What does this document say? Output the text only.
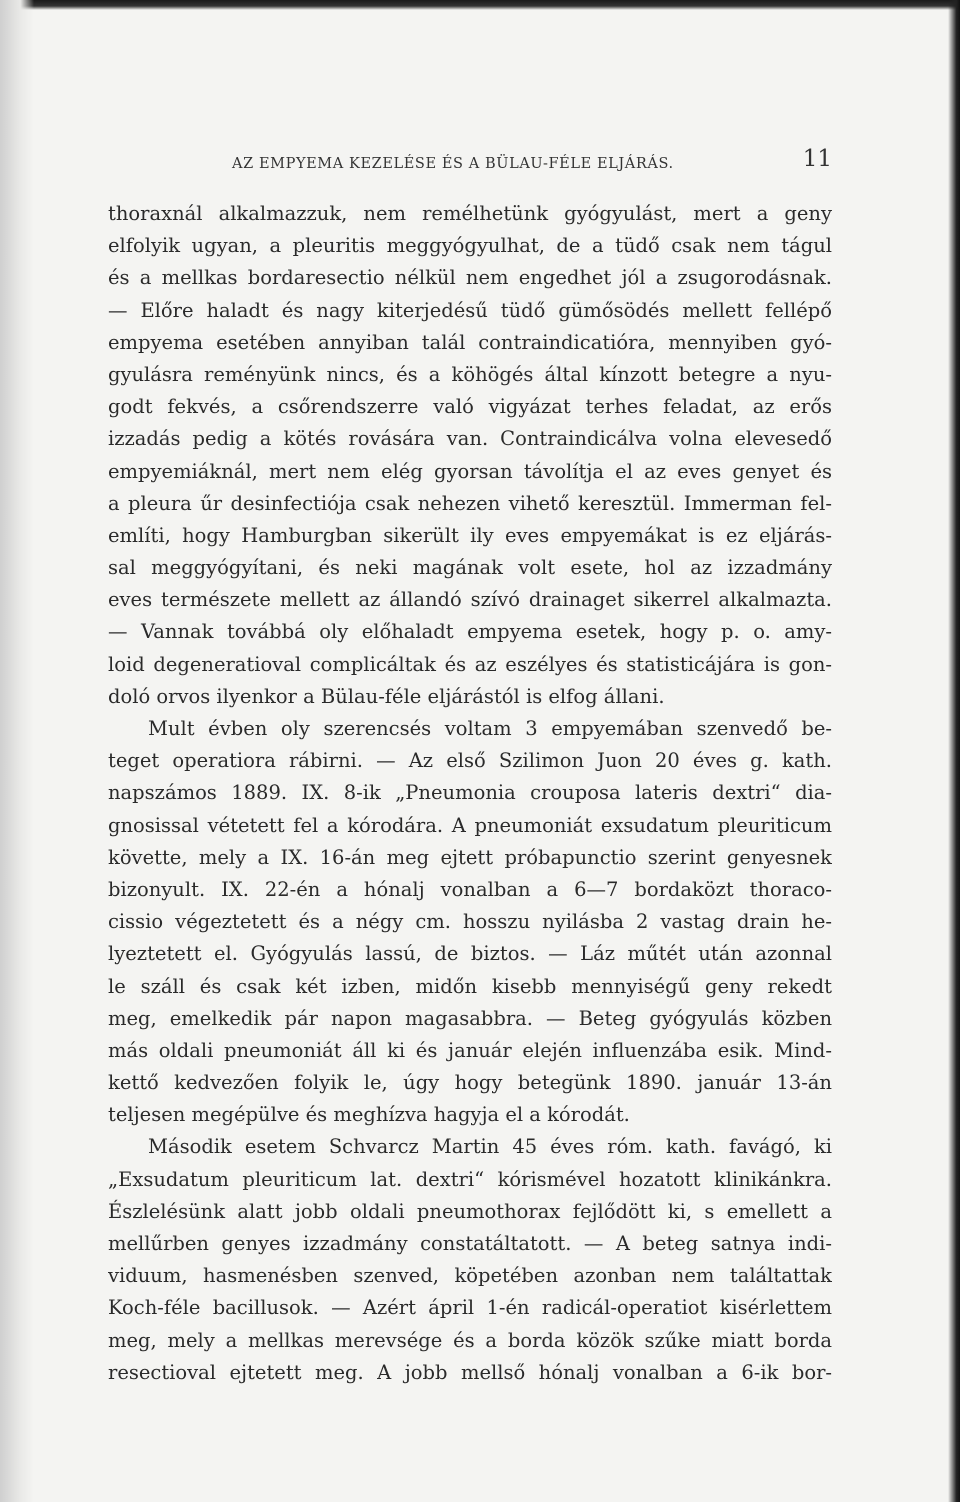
AZ EMPYEMA KEZELÉSE ÉS A BÜLAU-FÉLE ELJÁRÁS.	11
thoraxnál alkalmazzuk, nem remélhetünk gyógyulást, mert a geny
elfolyik ugyan, a pleuritis meggyógyulhat, de a tüdő csak nem tágul
és a mellkas bordaresectio nélkül nem engedhet jól a zsugorodásnak.
— Előre haladt és nagy kiterjedésű tüdő gümősödés mellett fellépő
empyema esetében annyiban talál contraindicatióra, mennyiben gyó-
gyulásra reményünk nincs, és a köhögés által kínzott betegre a nyu-
godt fekvés, a csőrendszerre való vigyázat terhes feladat, az erős
izzadás pedig a kötés rovására van. Contraindicálva volna elevesedő
empyemiáknál, mert nem elég gyorsan távolítja el az eves genyet és
a pleura űr desinfectiója csak nehezen vihető keresztül. Immerman fel-
említi, hogy Hamburgban sikerült ily eves empyemákat is ez eljárás-
sal meggyógyítani, és neki magának volt esete, hol az izzadmány
eves természete mellett az állandó szívó drainaget sikerrel alkalmazta.
— Vannak továbbá oly előhaladt empyema esetek, hogy p. o. amy-
loid degeneratioval complicáltak és az eszélyes és statisticájára is gon-
doló orvos ilyenkor a Bülau-féle eljárástól is elfog állani.
Mult évben oly szerencsés voltam 3 empyemában szenvedő be-
teget operatiora rábirni. — Az első Szilimon Juon 20 éves g. kath.
napszámos 1889. IX. 8-ik „Pneumonia crouposa lateris dextri“ dia-
gnosissal vétetett fel a kórodára. A pneumoniát exsudatum pleuriticum
követte, mely a IX. 16-án meg ejtett próbapunctio szerint genyesnek
bizonyult. IX. 22-én a hónalj vonalban a 6—7 bordaközt thoraco-
cissio végeztetett és a négy cm. hosszu nyilásba 2 vastag drain he-
lyeztetett el. Gyógyulás lassú, de biztos. — Láz műtét után azonnal
le száll és csak két izben, midőn kisebb mennyiségű geny rekedt
meg, emelkedik pár napon magasabbra. — Beteg gyógyulás közben
más oldali pneumoniát áll ki és január elején influenzába esik. Mind-
kettő kedvezően folyik le, úgy hogy betegünk 1890. január 13-án
teljesen megépülve és meghízva hagyja el a kórodát.
Második esetem Schvarcz Martin 45 éves róm. kath. favágó, ki
„Exsudatum pleuriticum lat. dextri“ kórismével hozatott klinikánkra.
Észlelésünk alatt jobb oldali pneumothorax fejlődött ki, s emellett a
mellűrben genyes izzadmány constatáltatott. — A beteg satnya indi-
viduum, hasmenésben szenved, köpetében azonban nem találtattak
Koch-féle bacillusok. — Azért ápril 1-én radicál-operatiot kisérlettem
meg, mely a mellkas merevsége és a borda közök szűke miatt borda
resectioval ejtetett meg. A jobb mellső hónalj vonalban a 6-ik bor-
